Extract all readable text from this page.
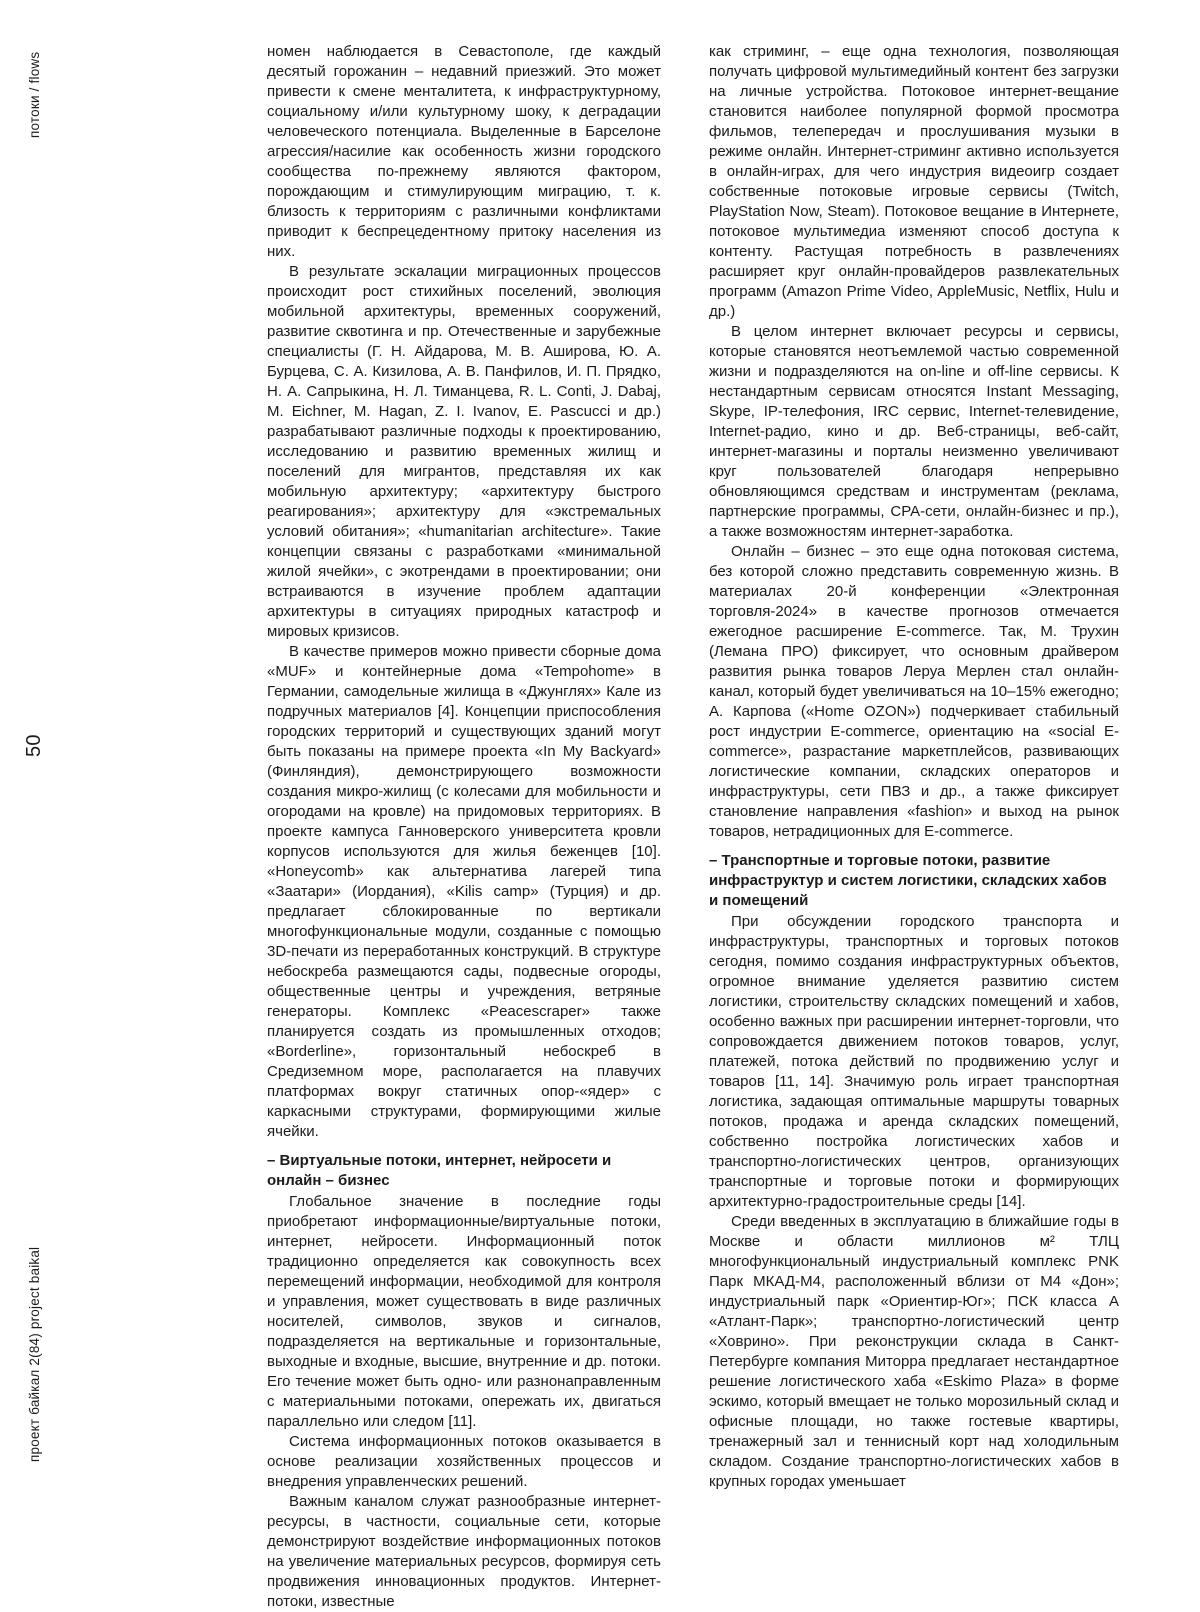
потоки / flows
50
проект байкал 2(84) project baikal

номен наблюдается в Севастополе, где каждый десятый горожанин – недавний приезжий. Это может привести к смене менталитета, к инфраструктурному, социальному и/или культурному шоку, к деградации человеческого потенциала. Выделенные в Барселоне агрессия/насилие как особенность жизни городского сообщества по-прежнему являются фактором, порождающим и стимулирующим миграцию, т. к. близость к территориям с различными конфликтами приводит к беспрецедентному притоку населения из них.

В результате эскалации миграционных процессов происходит рост стихийных поселений, эволюция мобильной архитектуры, временных сооружений, развитие сквотинга и пр. Отечественные и зарубежные специалисты (Г. Н. Айдарова, М. В. Аширова, Ю. А. Бурцева, С. А. Кизилова, А. В. Панфилов, И. П. Прядко, Н. А. Сапрыкина, Н. Л. Тиманцева, R. L. Conti, J. Dabaj, M. Eichner, M. Hagan, Z. I. Ivanov, E. Pascucci и др.) разрабатывают различные подходы к проектированию, исследованию и развитию временных жилищ и поселений для мигрантов, представляя их как мобильную архитектуру; «архитектуру быстрого реагирования»; архитектуру для «экстремальных условий обитания»; «humanitarian architecture». Такие концепции связаны с разработками «минимальной жилой ячейки», с экотрендами в проектировании; они встраиваются в изучение проблем адаптации архитектуры в ситуациях природных катастроф и мировых кризисов.

В качестве примеров можно привести сборные дома «MUF» и контейнерные дома «Tempohome» в Германии, самодельные жилища в «Джунглях» Кале из подручных материалов [4]. Концепции приспособления городских территорий и существующих зданий могут быть показаны на примере проекта «In My Backyard» (Финляндия), демонстрирующего возможности создания микро-жилищ (с колесами для мобильности и огородами на кровле) на придомовых территориях. В проекте кампуса Ганноверского университета кровли корпусов используются для жилья беженцев [10]. «Honeycomb» как альтернатива лагерей типа «Заатари» (Иордания), «Kilis camp» (Турция) и др. предлагает сблокированные по вертикали многофункциональные модули, созданные с помощью 3D-печати из переработанных конструкций. В структуре небоскреба размещаются сады, подвесные огороды, общественные центры и учреждения, ветряные генераторы. Комплекс «Peacescraper» также планируется создать из промышленных отходов; «Borderline», горизонтальный небоскреб в Средиземном море, располагается на плавучих платформах вокруг статичных опор-«ядер» с каркасными структурами, формирующими жилые ячейки.

– Виртуальные потоки, интернет, нейросети и онлайн – бизнес

Глобальное значение в последние годы приобретают информационные/виртуальные потоки, интернет, нейросети. Информационный поток традиционно определяется как совокупность всех перемещений информации, необходимой для контроля и управления, может существовать в виде различных носителей, символов, звуков и сигналов, подразделяется на вертикальные и горизонтальные, выходные и входные, высшие, внутренние и др. потоки. Его течение может быть одно- или разнонаправленным с материальными потоками, опережать их, двигаться параллельно или следом [11].

Система информационных потоков оказывается в основе реализации хозяйственных процессов и внедрения управленческих решений.

Важным каналом служат разнообразные интернет-ресурсы, в частности, социальные сети, которые демонстрируют воздействие информационных потоков на увеличение материальных ресурсов, формируя сеть продвижения инновационных продуктов. Интернет-потоки, известные

как стриминг, – еще одна технология, позволяющая получать цифровой мультимедийный контент без загрузки на личные устройства. Потоковое интернет-вещание становится наиболее популярной формой просмотра фильмов, телепередач и прослушивания музыки в режиме онлайн. Интернет-стриминг активно используется в онлайн-играх, для чего индустрия видеоигр создает собственные потоковые игровые сервисы (Twitch, PlayStation Now, Steam). Потоковое вещание в Интернете, потоковое мультимедиа изменяют способ доступа к контенту. Растущая потребность в развлечениях расширяет круг онлайн-провайдеров развлекательных программ (Amazon Prime Video, AppleMusic, Netflix, Hulu и др.)

В целом интернет включает ресурсы и сервисы, которые становятся неотъемлемой частью современной жизни и подразделяются на on-line и off-line сервисы. К нестандартным сервисам относятся Instant Messaging, Skype, IP-телефония, IRC сервис, Internet-телевидение, Internet-радио, кино и др. Веб-страницы, веб-сайт, интернет-магазины и порталы неизменно увеличивают круг пользователей благодаря непрерывно обновляющимся средствам и инструментам (реклама, партнерские программы, CPA-сети, онлайн-бизнес и пр.), а также возможностям интернет-заработка.

Онлайн – бизнес – это еще одна потоковая система, без которой сложно представить современную жизнь. В материалах 20-й конференции «Электронная торговля-2024» в качестве прогнозов отмечается ежегодное расширение E-commerce. Так, М. Трухин (Лемана ПРО) фиксирует, что основным драйвером развития рынка товаров Леруа Мерлен стал онлайн-канал, который будет увеличиваться на 10–15% ежегодно; А. Карпова («Home OZON») подчеркивает стабильный рост индустрии E-commerce, ориентацию на «social E-commerce», разрастание маркетплейсов, развивающих логистические компании, складских операторов и инфраструктуры, сети ПВЗ и др., а также фиксирует становление направления «fashion» и выход на рынок товаров, нетрадиционных для E-commerce.

– Транспортные и торговые потоки, развитие инфраструктур и систем логистики, складских хабов и помещений

При обсуждении городского транспорта и инфраструктуры, транспортных и торговых потоков сегодня, помимо создания инфраструктурных объектов, огромное внимание уделяется развитию систем логистики, строительству складских помещений и хабов, особенно важных при расширении интернет-торговли, что сопровождается движением потоков товаров, услуг, платежей, потока действий по продвижению услуг и товаров [11, 14]. Значимую роль играет транспортная логистика, задающая оптимальные маршруты товарных потоков, продажа и аренда складских помещений, собственно постройка логистических хабов и транспортно-логистических центров, организующих транспортные и торговые потоки и формирующих архитектурно-градостроительные среды [14].

Среди введенных в эксплуатацию в ближайшие годы в Москве и области миллионов м² ТЛЦ многофункциональный индустриальный комплекс PNK Парк МКАД-М4, расположенный вблизи от М4 «Дон»; индустриальный парк «Ориентир-Юг»; ПСК класса А «Атлант-Парк»; транспортно-логистический центр «Ховрино». При реконструкции склада в Санкт-Петербурге компания Миторра предлагает нестандартное решение логистического хаба «Eskimo Plaza» в форме эскимо, который вмещает не только морозильный склад и офисные площади, но также гостевые квартиры, тренажерный зал и теннисный корт над холодильным складом. Создание транспортно-логистических хабов в крупных городах уменьшает
